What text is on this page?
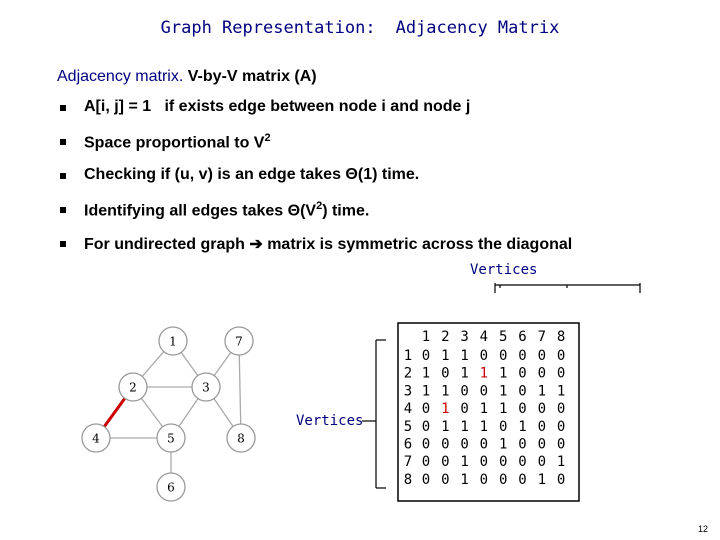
Graph Representation: Adjacency Matrix
Adjacency matrix. V-by-V matrix (A)
A[i, j] = 1   if exists edge between node i and node j
Space proportional to $V^2$
Checking if (u, v) is an edge takes Θ(1) time.
Identifying all edges takes $\Theta(V^2)$ time.
For undirected graph ➔ matrix is symmetric across the diagonal
Vertices
Vertices
1
2	3
4	5
6
7
8
1 2 3 4 5 6 7 8
1
2
3
4
5
6
7
8
0 1 1 0 0 0 0 0
1 0 1 1 1 0 0 0
1 1 0 0 1 0 1 1
0 1 0 1 1 0 0 0
0 1 1 1 0 1 0 0
0 0 0 0 1 0 0 0
0 0 1 0 0 0 0 1
0 0 1 0 0 0 1 0
12
